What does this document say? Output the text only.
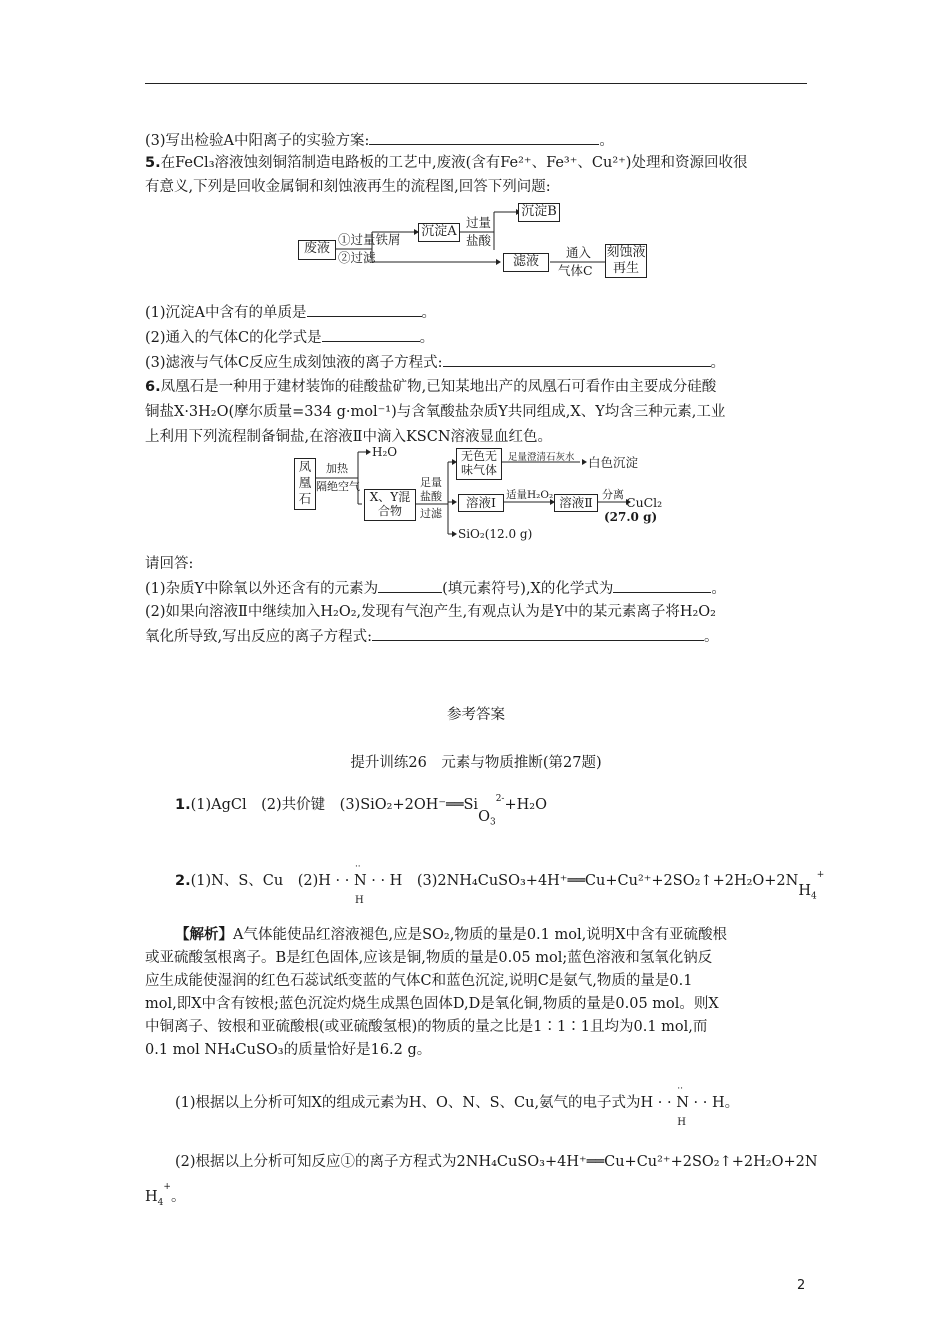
(3)写出检验A中阳离子的实验方案:	。
5.在FeCl₃溶液蚀刻铜箔制造电路板的工艺中,废液(含有Fe²⁺、Fe³⁺、Cu²⁺)处理和资源回收很
有意义,下列是回收金属铜和刻蚀液再生的流程图,回答下列问题:
废液
①过量铁屑
②过滤
沉淀A
过量
盐酸
沉淀B
滤液
通入
气体C
刻蚀液
再生
(1)沉淀A中含有的单质是	。
(2)通入的气体C的化学式是	。
(3)滤液与气体C反应生成刻蚀液的离子方程式:	。
6.凤凰石是一种用于建材装饰的硅酸盐矿物,已知某地出产的凤凰石可看作由主要成分硅酸
铜盐X·3H₂O(摩尔质量=334 g·mol⁻¹)与含氧酸盐杂质Y共同组成,X、Y均含三种元素,工业
上利用下列流程制备铜盐,在溶液Ⅱ中滴入KSCN溶液显血红色。
凤
凰
石
加热
隔绝空气
H₂O	无色无
味气体
足量澄清石灰水 白色沉淀
X、Y混
合物
足量
盐酸
过滤
溶液Ⅰ 适量H₂O₂ 溶液Ⅱ
分离
CuCl₂
(27.0 g)
SiO₂(12.0 g)
请回答:
(1)杂质Y中除氧以外还含有的元素为	(填元素符号),X的化学式为	。
(2)如果向溶液Ⅱ中继续加入H₂O₂,发现有气泡产生,有观点认为是Y中的某元素离子将H₂O₂
氧化所导致,写出反应的离子方程式:	。
参考答案
提升训练26　元素与物质推断(第27题)
1.(1)AgCl　(2)共价键　(3)SiO₂+2OH⁻══SiO$_3^{2-}$+H₂O
2.(1)N、S、Cu　(2)H · ·
··
N
H
· · H　$(3)2NH_4CuSO_3+4H^+══Cu+Cu^{2+}+2SO_2↑+2H_2O+2NH_4^+$
【解析】A气体能使品红溶液褪色,应是SO₂,物质的量是0.1 mol,说明X中含有亚硫酸根
或亚硫酸氢根离子。B是红色固体,应该是铜,物质的量是0.05 mol;蓝色溶液和氢氧化钠反
应生成能使湿润的红色石蕊试纸变蓝的气体C和蓝色沉淀,说明C是氨气,物质的量是0.1
mol,即X中含有铵根;蓝色沉淀灼烧生成黑色固体D,D是氧化铜,物质的量是0.05 mol。则X
中铜离子、铵根和亚硫酸根(或亚硫酸氢根)的物质的量之比是1∶1∶1且均为0.1 mol,而
0.1 mol NH₄CuSO₃的质量恰好是16.2 g。
(1)根据以上分析可知X的组成元素为H、O、N、S、Cu,氨气的电子式为H · ·
··
N
H
· · H。
(2)根据以上分析可知反应①的离子方程式为2NH₄CuSO₃+4H⁺══Cu+Cu²⁺+2SO₂↑+2H₂O+2N
$H_4^+$。
2
